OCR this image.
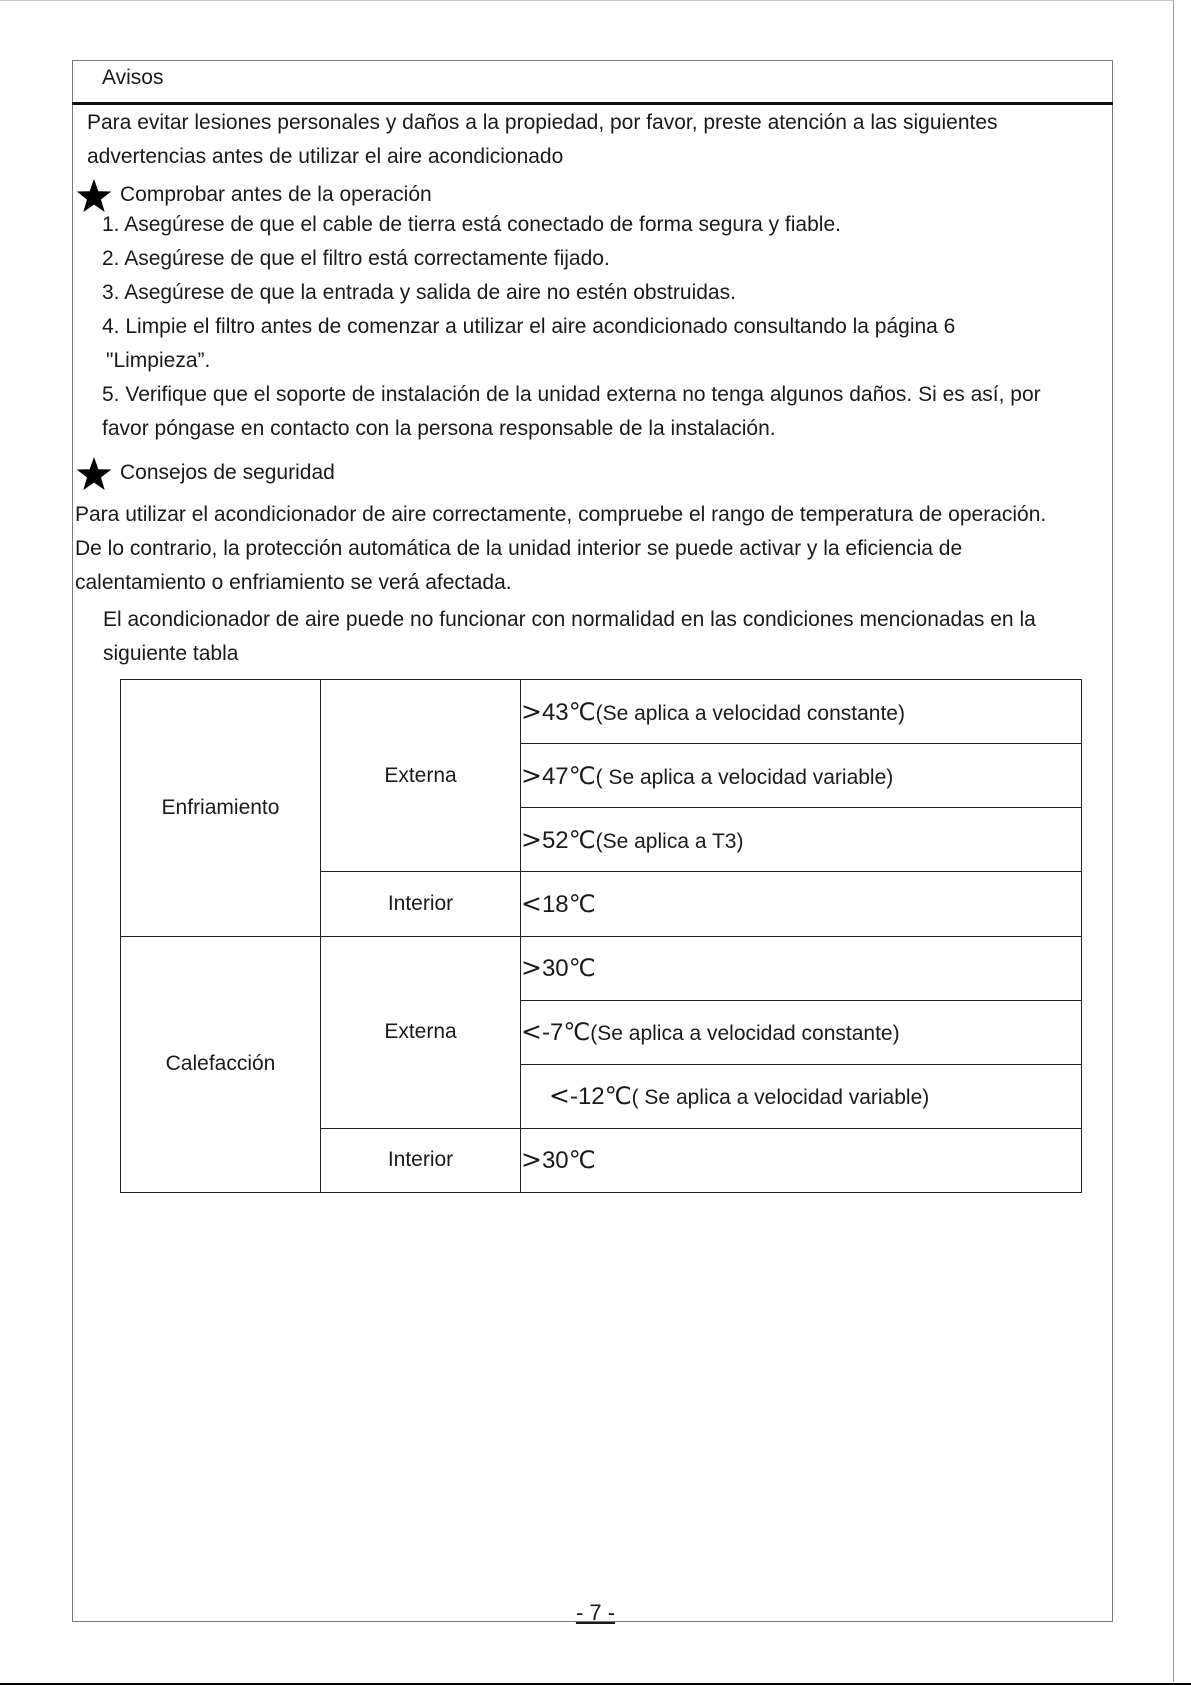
Avisos
Para evitar lesiones personales y daños a la propiedad, por favor, preste atención a las siguientes
advertencias antes de utilizar el aire acondicionado
Comprobar antes de la operación
1. Asegúrese de que el cable de tierra está conectado de forma segura y fiable.
2. Asegúrese de que el filtro está correctamente fijado.
3. Asegúrese de que la entrada y salida de aire no estén obstruidas.
4. Limpie el filtro antes de comenzar a utilizar el aire acondicionado consultando la página 6
"Limpieza”.
5. Verifique que el soporte de instalación de la unidad externa no tenga algunos daños. Si es así, por
favor póngase en contacto con la persona responsable de la instalación.
Consejos de seguridad
Para utilizar el acondicionador de aire correctamente, compruebe el rango de temperatura de operación.
De lo contrario, la protección automática de la unidad interior se puede activar y la eficiencia de
calentamiento o enfriamiento se verá afectada.
El acondicionador de aire puede no funcionar con normalidad en las condiciones mencionadas en la
siguiente tabla
Enfriamiento	Externa	>43℃(Se aplica a velocidad constante)
		>47℃( Se aplica a velocidad variable)
		>52℃(Se aplica a T3)
	Interior	<18℃
Calefacción	Externa	>30℃
		<-7℃(Se aplica a velocidad constante)
		<-12℃( Se aplica a velocidad variable)
	Interior	>30℃
- 7 -
